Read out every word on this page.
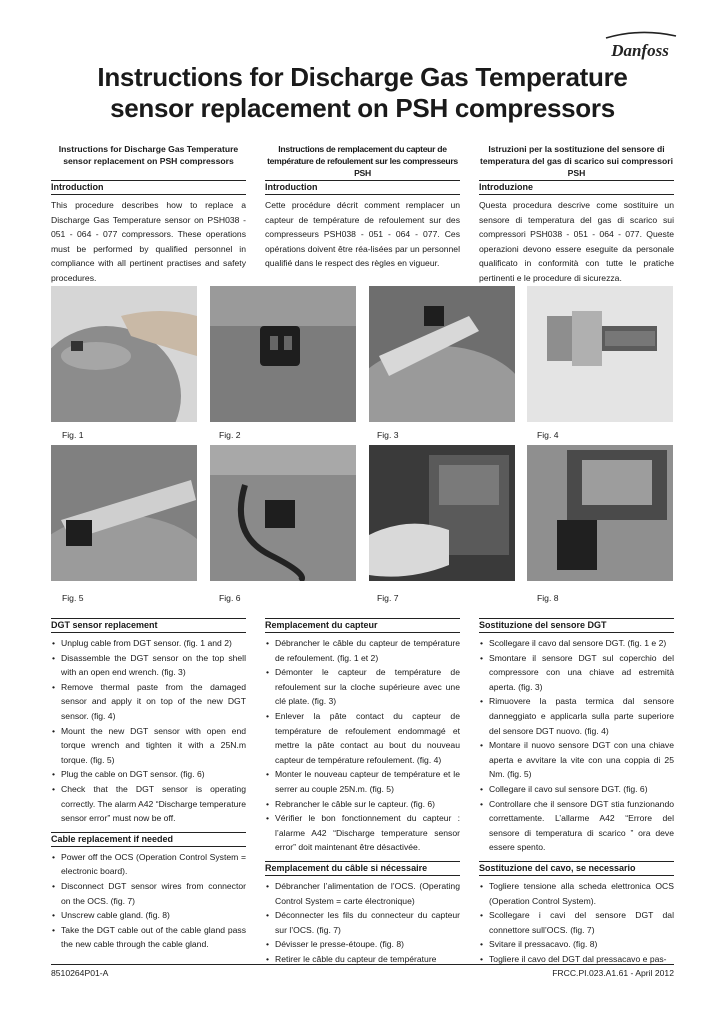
Danfoss
Instructions for Discharge Gas Temperature
sensor replacement on PSH compressors
Instructions for Discharge Gas Temperature sensor replacement on PSH compressors
Instructions de remplacement du capteur de température de refoulement sur les compresseurs PSH
Istruzioni per la sostituzione del sensore di temperatura del gas di scarico sui compressori PSH
Introduction

This procedure describes how to replace a Discharge Gas Temperature sensor on PSH038 - 051 - 064 - 077 compressors. These operations must be performed by qualified personnel in compliance with all pertinent practises and safety procedures.

Introduction

Cette procédure décrit comment remplacer un capteur de température de refoulement sur des compresseurs PSH038 - 051 - 064 - 077. Ces opérations doivent être réa-lisées par un personnel qualifié dans le respect des règles en vigueur.

Introduzione

Questa procedura descrive come sostituire un sensore di temperatura del gas di scarico sui compressori PSH038 - 051 - 064 - 077. Queste operazioni devono essere eseguite da personale qualificato in conformità con tutte le pratiche pertinenti e le procedure di sicurezza.

Fig. 1	Fig. 2	Fig. 3	Fig. 4
Fig. 5	Fig. 6	Fig. 7	Fig. 8
DGT sensor replacement
• Unplug cable from DGT sensor. (fig. 1 and 2)
• Disassemble the DGT sensor on the top shell with an open end wrench. (fig. 3)
• Remove thermal paste from the damaged sensor and apply it on top of the new DGT sensor. (fig. 4)
• Mount the new DGT sensor with open end torque wrench and tighten it with a 25N.m torque. (fig. 5)
• Plug the cable on DGT sensor. (fig. 6)
• Check that the DGT sensor is operating correctly. The alarm A42 “Discharge temperature sensor error” must now be off.
Cable replacement if needed
• Power off the OCS (Operation Control System = electronic board).
• Disconnect DGT sensor wires from connector on the OCS. (fig. 7)
• Unscrew cable gland. (fig. 8)
• Take the DGT cable out of the cable gland pass the new cable through the cable gland.
Remplacement du capteur
• Débrancher le câble du capteur de température de refoulement. (fig. 1 et 2)
• Démonter le capteur de température de refoulement sur la cloche supérieure avec une clé plate. (fig. 3)
• Enlever la pâte contact du capteur de température de refoulement endommagé et mettre la pâte contact au bout du nouveau capteur de température refoulement. (fig. 4)
• Monter le nouveau capteur de température et le serrer au couple 25N.m. (fig. 5)
• Rebrancher le câble sur le capteur. (fig. 6)
• Vérifier le bon fonctionnement du capteur : l’alarme A42 “Discharge temperature sensor error” doit maintenant être désactivée.
Remplacement du câble si nécessaire
• Débrancher l’alimentation de l’OCS. (Operating Control System = carte électronique)
• Déconnecter les fils du connecteur du capteur sur l’OCS. (fig. 7)
• Dévisser le presse-étoupe. (fig. 8)
• Retirer le câble du capteur de température
Sostituzione del sensore DGT
• Scollegare il cavo dal sensore DGT. (fig. 1 e 2)
• Smontare il sensore DGT sul coperchio del compressore con una chiave ad estremità aperta. (fig. 3)
• Rimuovere la pasta termica dal sensore danneggiato e applicarla sulla parte superiore del sensore DGT nuovo. (fig. 4)
• Montare il nuovo sensore DGT con una chiave aperta e avvitare la vite con una coppia di 25 Nm. (fig. 5)
• Collegare il cavo sul sensore DGT. (fig. 6)
• Controllare che il sensore DGT stia funzionando correttamente. L’allarme A42 “Errore del sensore di temperatura di scarico ” ora deve essere spento.
Sostituzione del cavo, se necessario
• Togliere tensione alla scheda elettronica OCS (Operation Control System).
• Scollegare i cavi del sensore DGT dal connettore sull’OCS. (fig. 7)
• Svitare il pressacavo. (fig. 8)
• Togliere il cavo del DGT dal pressacavo e pas-
8510264P01-A	FRCC.PI.023.A1.61 - April 2012
